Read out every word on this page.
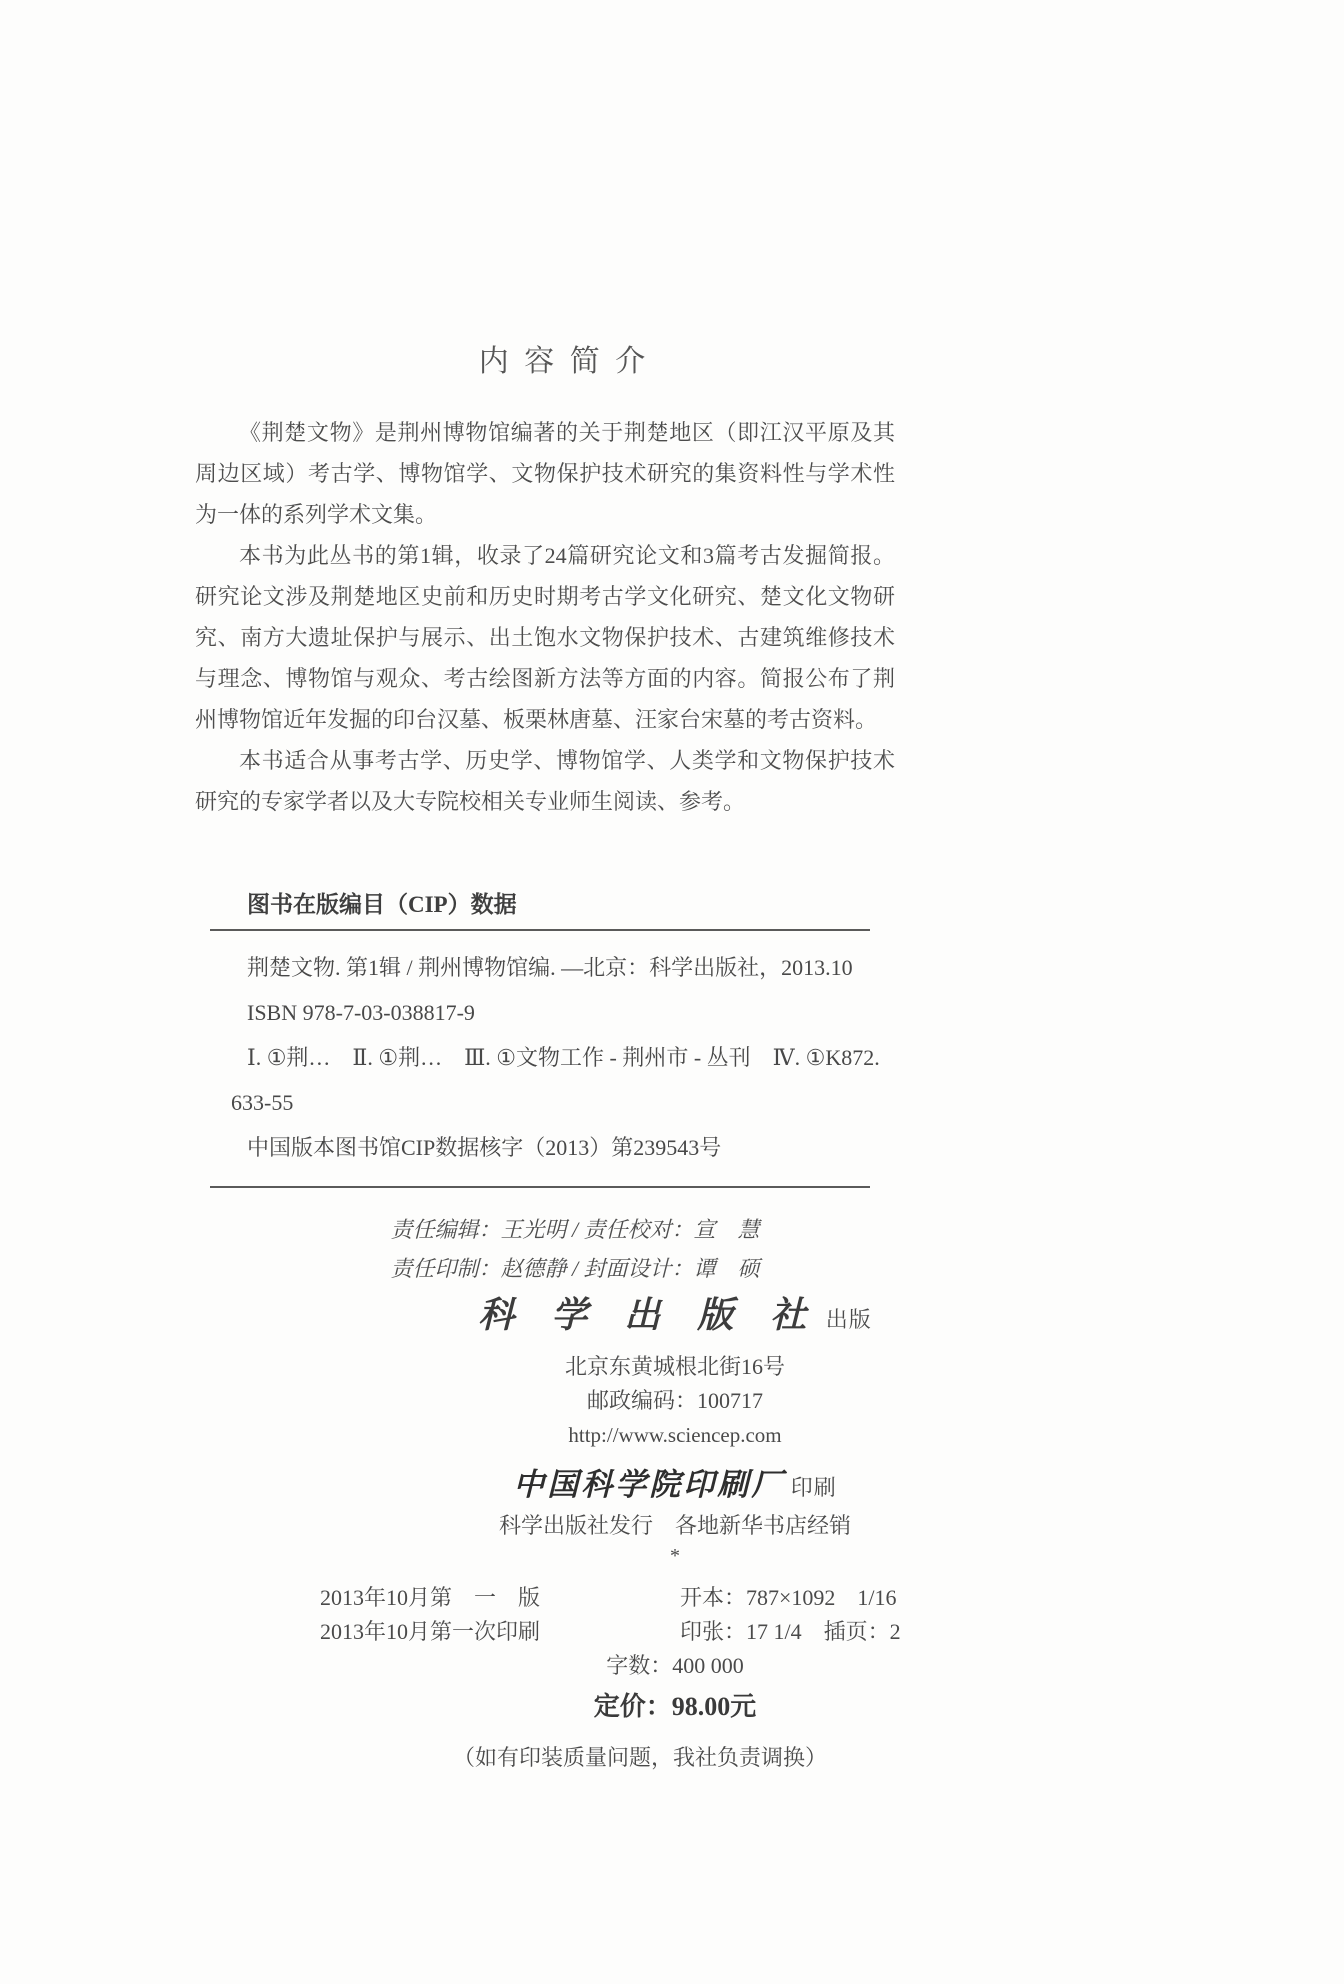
内 容 简 介

《荆楚文物》是荆州博物馆编著的关于荆楚地区（即江汉平原及其周边区域）考古学、博物馆学、文物保护技术研究的集资料性与学术性为一体的系列学术文集。

本书为此丛书的第1辑，收录了24篇研究论文和3篇考古发掘简报。研究论文涉及荆楚地区史前和历史时期考古学文化研究、楚文化文物研究、南方大遗址保护与展示、出土饱水文物保护技术、古建筑维修技术与理念、博物馆与观众、考古绘图新方法等方面的内容。简报公布了荆州博物馆近年发掘的印台汉墓、板栗林唐墓、汪家台宋墓的考古资料。

本书适合从事考古学、历史学、博物馆学、人类学和文物保护技术研究的专家学者以及大专院校相关专业师生阅读、参考。

图书在版编目（CIP）数据
荆楚文物. 第1辑 / 荆州博物馆编. —北京：科学出版社，2013.10
ISBN 978-7-03-038817-9
Ⅰ. ①荆…　Ⅱ. ①荆…　Ⅲ. ①文物工作 - 荆州市 - 丛刊　Ⅳ. ①K872.
633-55
中国版本图书馆CIP数据核字（2013）第239543号
责任编辑：王光明 / 责任校对：宣　慧
责任印制：赵德静 / 封面设计：谭　硕
科 学 出 版 社 出版
北京东黄城根北街16号
邮政编码：100717
http://www.sciencep.com
中国科学院印刷厂 印刷
科学出版社发行　各地新华书店经销
*
2013年10月第　一　版	开本：787×1092　1/16
2013年10月第一次印刷	印张：17 1/4　插页：2
字数：400 000
定价：98.00元
（如有印装质量问题，我社负责调换）
